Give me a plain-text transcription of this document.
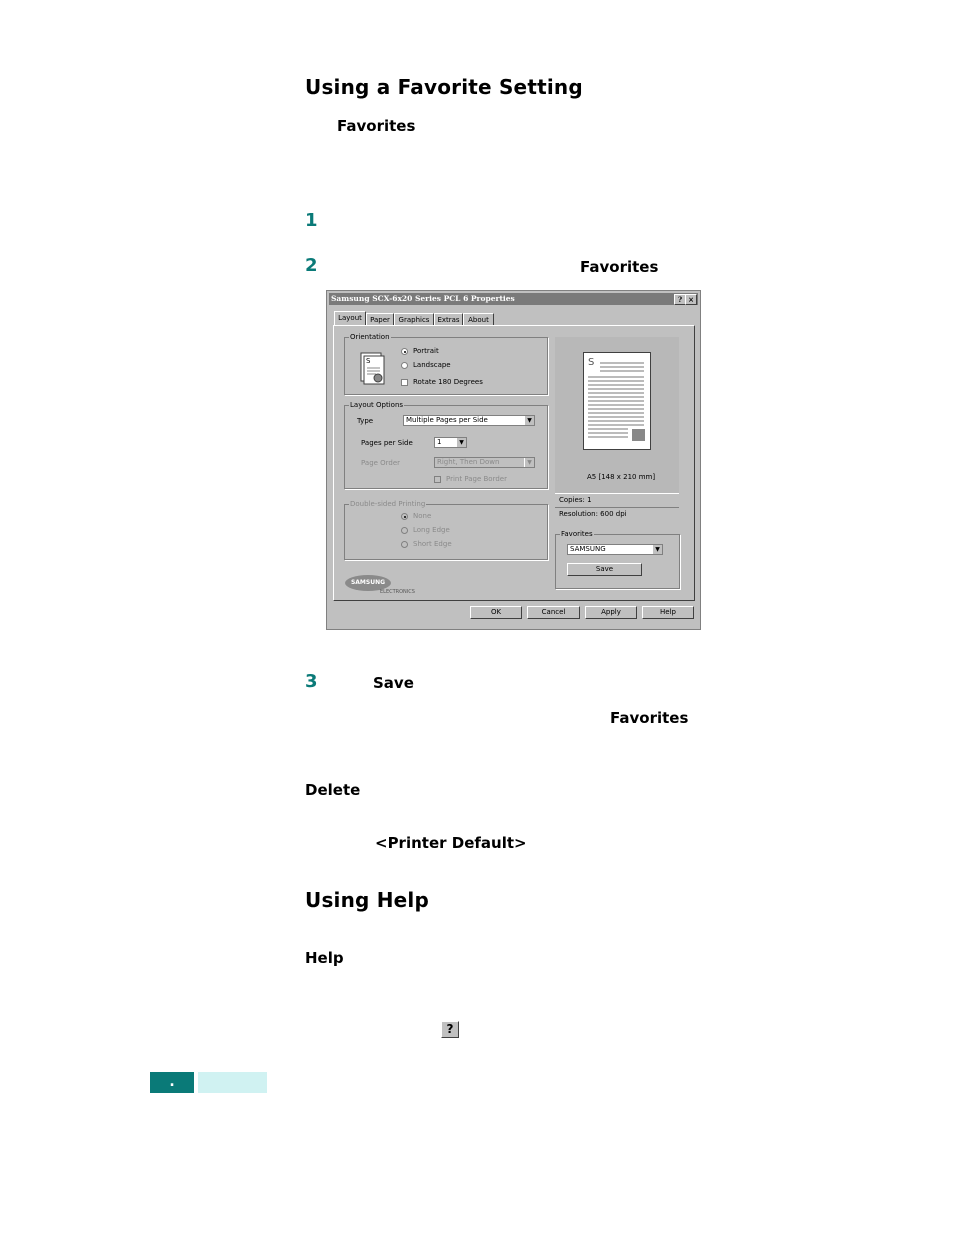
Using a Favorite Setting
Favorites
1
2	Favorites
Samsung SCX-6x20 Series PCL 6 Properties	? ×
Layout	Paper	Graphics	Extras	About
Orientation
S
Portrait
Landscape
Rotate 180 Degrees
Layout Options
Type	Multiple Pages per Side	▼
Pages per Side	1	▼
Page Order	Right, Then Down	▼
Print Page Border
Double-sided Printing
None
Long Edge
Short Edge
SAMSUNG
ELECTRONICS
OK	Cancel	Apply	Help
S
A5 [148 x 210 mm]
Copies: 1
Resolution: 600 dpi
Favorites
SAMSUNG	▼
Save
3	Save
Favorites
Delete
<Printer Default>
Using Help
Help
?
.
